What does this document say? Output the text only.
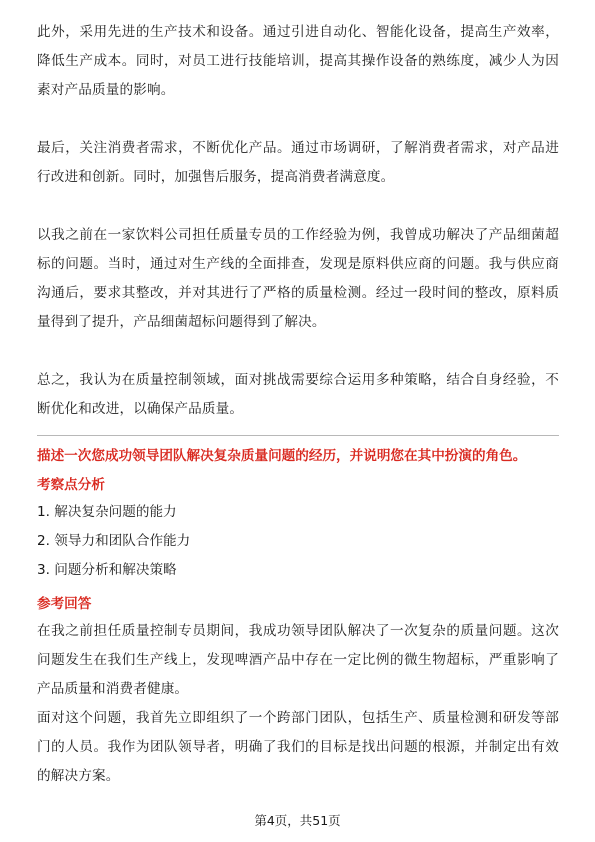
此外，采用先进的生产技术和设备。通过引进自动化、智能化设备，提高生产效率，降低生产成本。同时，对员工进行技能培训，提高其操作设备的熟练度，减少人为因素对产品质量的影响。

最后，关注消费者需求，不断优化产品。通过市场调研，了解消费者需求，对产品进行改进和创新。同时，加强售后服务，提高消费者满意度。

以我之前在一家饮料公司担任质量专员的工作经验为例，我曾成功解决了产品细菌超标的问题。当时，通过对生产线的全面排查，发现是原料供应商的问题。我与供应商沟通后，要求其整改，并对其进行了严格的质量检测。经过一段时间的整改，原料质量得到了提升，产品细菌超标问题得到了解决。

总之，我认为在质量控制领域，面对挑战需要综合运用多种策略，结合自身经验，不断优化和改进，以确保产品质量。

描述一次您成功领导团队解决复杂质量问题的经历，并说明您在其中扮演的角色。

考察点分析

1. 解决复杂问题的能力

2. 领导力和团队合作能力

3. 问题分析和解决策略

参考回答

在我之前担任质量控制专员期间，我成功领导团队解决了一次复杂的质量问题。这次问题发生在我们生产线上，发现啤酒产品中存在一定比例的微生物超标，严重影响了产品质量和消费者健康。

面对这个问题，我首先立即组织了一个跨部门团队，包括生产、质量检测和研发等部门的人员。我作为团队领导者，明确了我们的目标是找出问题的根源，并制定出有效的解决方案。

第4页，共51页
